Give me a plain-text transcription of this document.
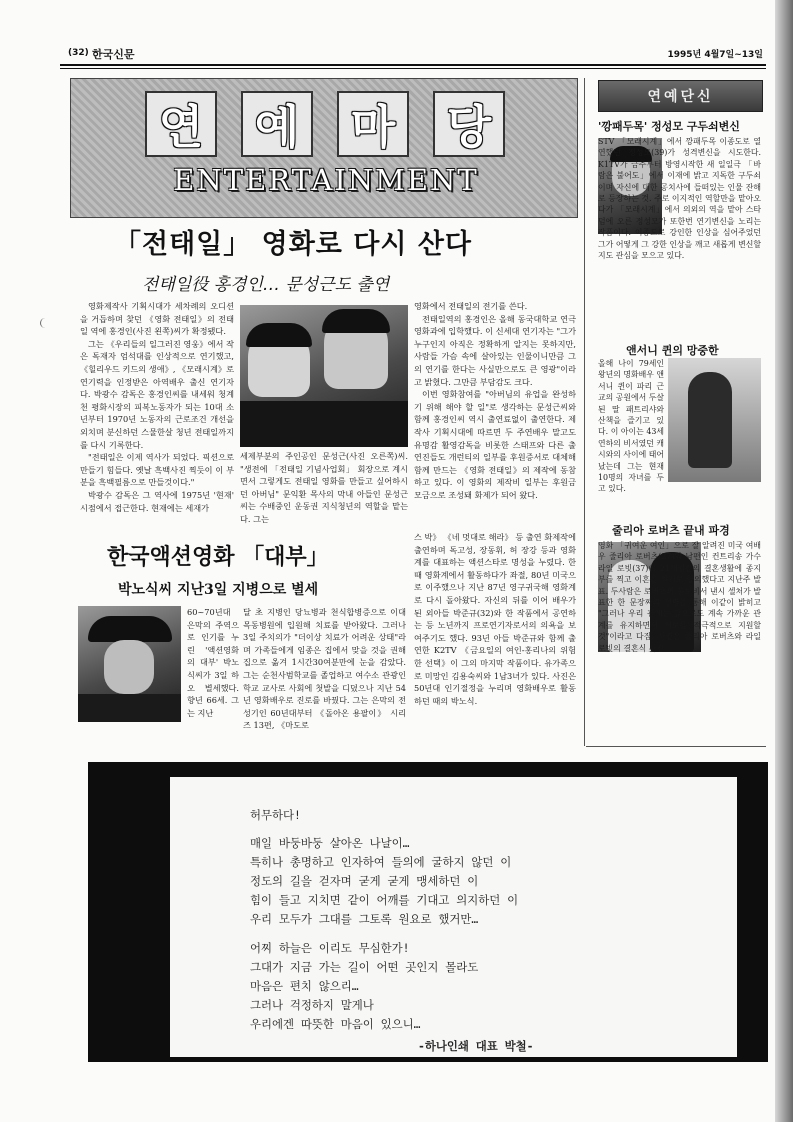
(32) 한국신문	1995년 4월7일~13일
연 예 마 당
ENTERTAINMENT
「전태일」 영화로 다시 산다
전태일役 홍경인… 문성근도 출연

영화제작사 기획시대가 세차례의 오디션을 거듭하며 찾던 《영화 전태일》의 전태일 역에 홍경인(사진 왼쪽)씨가 확정됐다.

그는 《우리들의 일그러진 영웅》에서 작은 독재자 엄석대를 인상적으로 연기했고, 《힐리우드 키드의 생애》, 《모래시계》로 연기력을 인정받은 아역배우 출신 연기자다. 박광수 감독은 홍경인씨를 내세워 청계천 평화시장의 피복노동자가 되는 10대 소년부터 1970년 노동자의 근로조건 개선을 외치며 분신하던 스물한살 청년 전태일까지를 다시 기록한다.

"전태일은 이제 역사가 되었다. 픽션으로 만들기 힘들다. 옛날 흑백사진 찍듯이 이 부분을 흑백필름으로 만들것이다."

박광수 감독은 그 역사에 1975년 '현재' 시점에서 접근한다. 현재에는 세재가

세제부분의 주인공인 문성근(사진 오른쪽)씨. "생전에 「전태일 기념사업회」 회장으로 계시면서 그렇게도 전태일 영화를 만들고 싶어하시던 아버님" 문익환 목사의 막내 아들인 문성근씨는 수배중인 운동권 지식청년의 역할을 맡는다. 그는

영화에서 전태일의 전기를 쓴다.

전태일역의 홍경인은 올해 동국대학교 연극영화과에 입학했다. 이 신세대 연기자는 "그가 누구인지 아직은 정확하게 알지는 못하지만, 사람들 가슴 속에 살아있는 인물이니만큼 그의 연기를 한다는 사실만으로도 큰 영광"이라고 밝혔다. 그만큼 부담감도 크다.

이번 영화참여를 "아버님의 유업을 완성하기 위해 해야 할 일"로 생각하는 문성근씨와 함께 홍경인씨 역시 출연료없이 출연한다. 제작사 기획시대에 따르면 두 주연배우 말고도 유명감 활영감독을 비롯한 스태프와 다른 출연진들도 개런티의 일부를 후원증서로 대체해 함께 만드는 《영화 전태일》의 제작에 동참하고 있다. 이 영화의 제작비 일부는 후원금 모금으로 조성돼 화제가 되어 왔다.

한국액션영화 「대부」
박노식씨 지난3일 지병으로 별세

60~70년대 은막의 주역으로 인기를 누린 '액션영화의 대부' 박노식씨가 3일 하오 별세했다. 향년 66세. 그는 지난

달 초 지병인 당뇨병과 천식합병증으로 이대 목동병원에 입원해 치료를 받아왔다. 그러나 3일 주치의가 "더이상 치료가 어려운 상태"라며 가족들에게 임종은 집에서 맞을 것을 권해 집으로 옮겨 1시간30여분만에 눈을 감았다. 그는 순천사범학교를 졸업하고 여수소 관광인학교 교사로 사회에 첫발을 디뎠으나 지난 54년 영화배우로 진로를 바꿨다. 그는 은막의 전성기인 60년대부터 《돌아온 용팔이》 시리즈 13편, 《마도로

스 박》 《네 멋대로 해라》 등 출연 화제작에 출연하며 독고성, 장동휘, 허 장강 등과 영화계를 대표하는 액션스타로 명성을 누렸다. 한때 영화계에서 활동하다가 좌절, 80년 미국으로 이주했으나 지난 87년 영구귀국해 영화계로 다시 돌아왔다. 자신의 뒤를 이어 배우가 된 외아들 박준규(32)와 한 작품에서 공연하는 등 노년까지 프로연기자로서의 의욕을 보여주기도 했다. 93년 아들 박준규와 함께 출연한 K2TV 《금요일의 여인-홍리나의 위험한 선택》이 그의 마지막 작품이다. 유가족으로 미망인 김용숙씨와 1남3녀가 있다. 사진은 50년대 인기절정을 누리며 영화배우로 활동하던 때의 박노식.

연예단신
'깡패두목' 정성모 구두쇠변신

STV 「모래시계」에서 깡패두목 이종도로 열연했던 정성모(39)가 성격변신을 시도한다. K1TV가 금주부터 방영시작한 새 일일극 「바람은 불어도」에서 이재에 밝고 지독한 구두쇠이며 자신에 대한 공치사에 들떠있는 인물 잔해로 등장하는 것. 주로 이지적인 역할만을 맡아오다가 「모래시계」에서 의외의 역을 맡아 스타덤에 오른 정성모가 또한번 연기변신을 노리는 작품이다. 이종도로 강인한 인상을 심어주었던 그가 어떻게 그 강한 인상을 깨고 새롭게 변신할지도 관심을 모으고 있다.

앤서니 퀸의 망중한

올해 나이 79세인 왕년의 명화배우 앤서니 퀸이 파리 근교의 공원에서 두살된 딸 패트리샤와 산책을 즐기고 있다. 이 아이는 43세 연하의 비서였던 캐시와의 사이에 태어났는데 그는 현재 10명의 자녀를 두고 있다.

줄리아 로버츠 끝내 파경

영화 「귀여운 여인」으로 잘 알려진 미국 여배우 줄리아 로버츠(27)와 남편인 컨트리송 가수 라일 로빗(37)이 21개월간의 결혼생활에 종지부를 찍고 이혼을 하기로 합의했다고 지난주 발표. 두사람은 로버츠의 홍보비서 낸시 셀처가 발표한 한 문장짜리 성명을 통해 이같이 밝히고 "그러나 우리 관계는 앞으로도 계속 가까운 관계를 유지하면서 서로를 적극적으로 지원할 것"이라고 다짐. 사진은 줄리아 로버츠와 라일 로빗의 결혼식 사진.

허무하다!
매일 바둥바둥 살아온 나날이…
특히나 총명하고 인자하여 들의에 굴하지 않던 이
정도의 길을 걷자며 굳게 굳게 맹세하던 이
힘이 들고 지치면 같이 어깨를 기대고 의지하던 이
우리 모두가 그대를 그토록 원요로 했거만…
어찌 하늘은 이리도 무심한가!
그대가 지금 가는 길이 어떤 곳인지 몰라도
마음은 편치 않으리…
그러나 걱정하지 말게나
우리에겐 따뜻한 마음이 있으니…
-하나인쇄 대표 박철-
